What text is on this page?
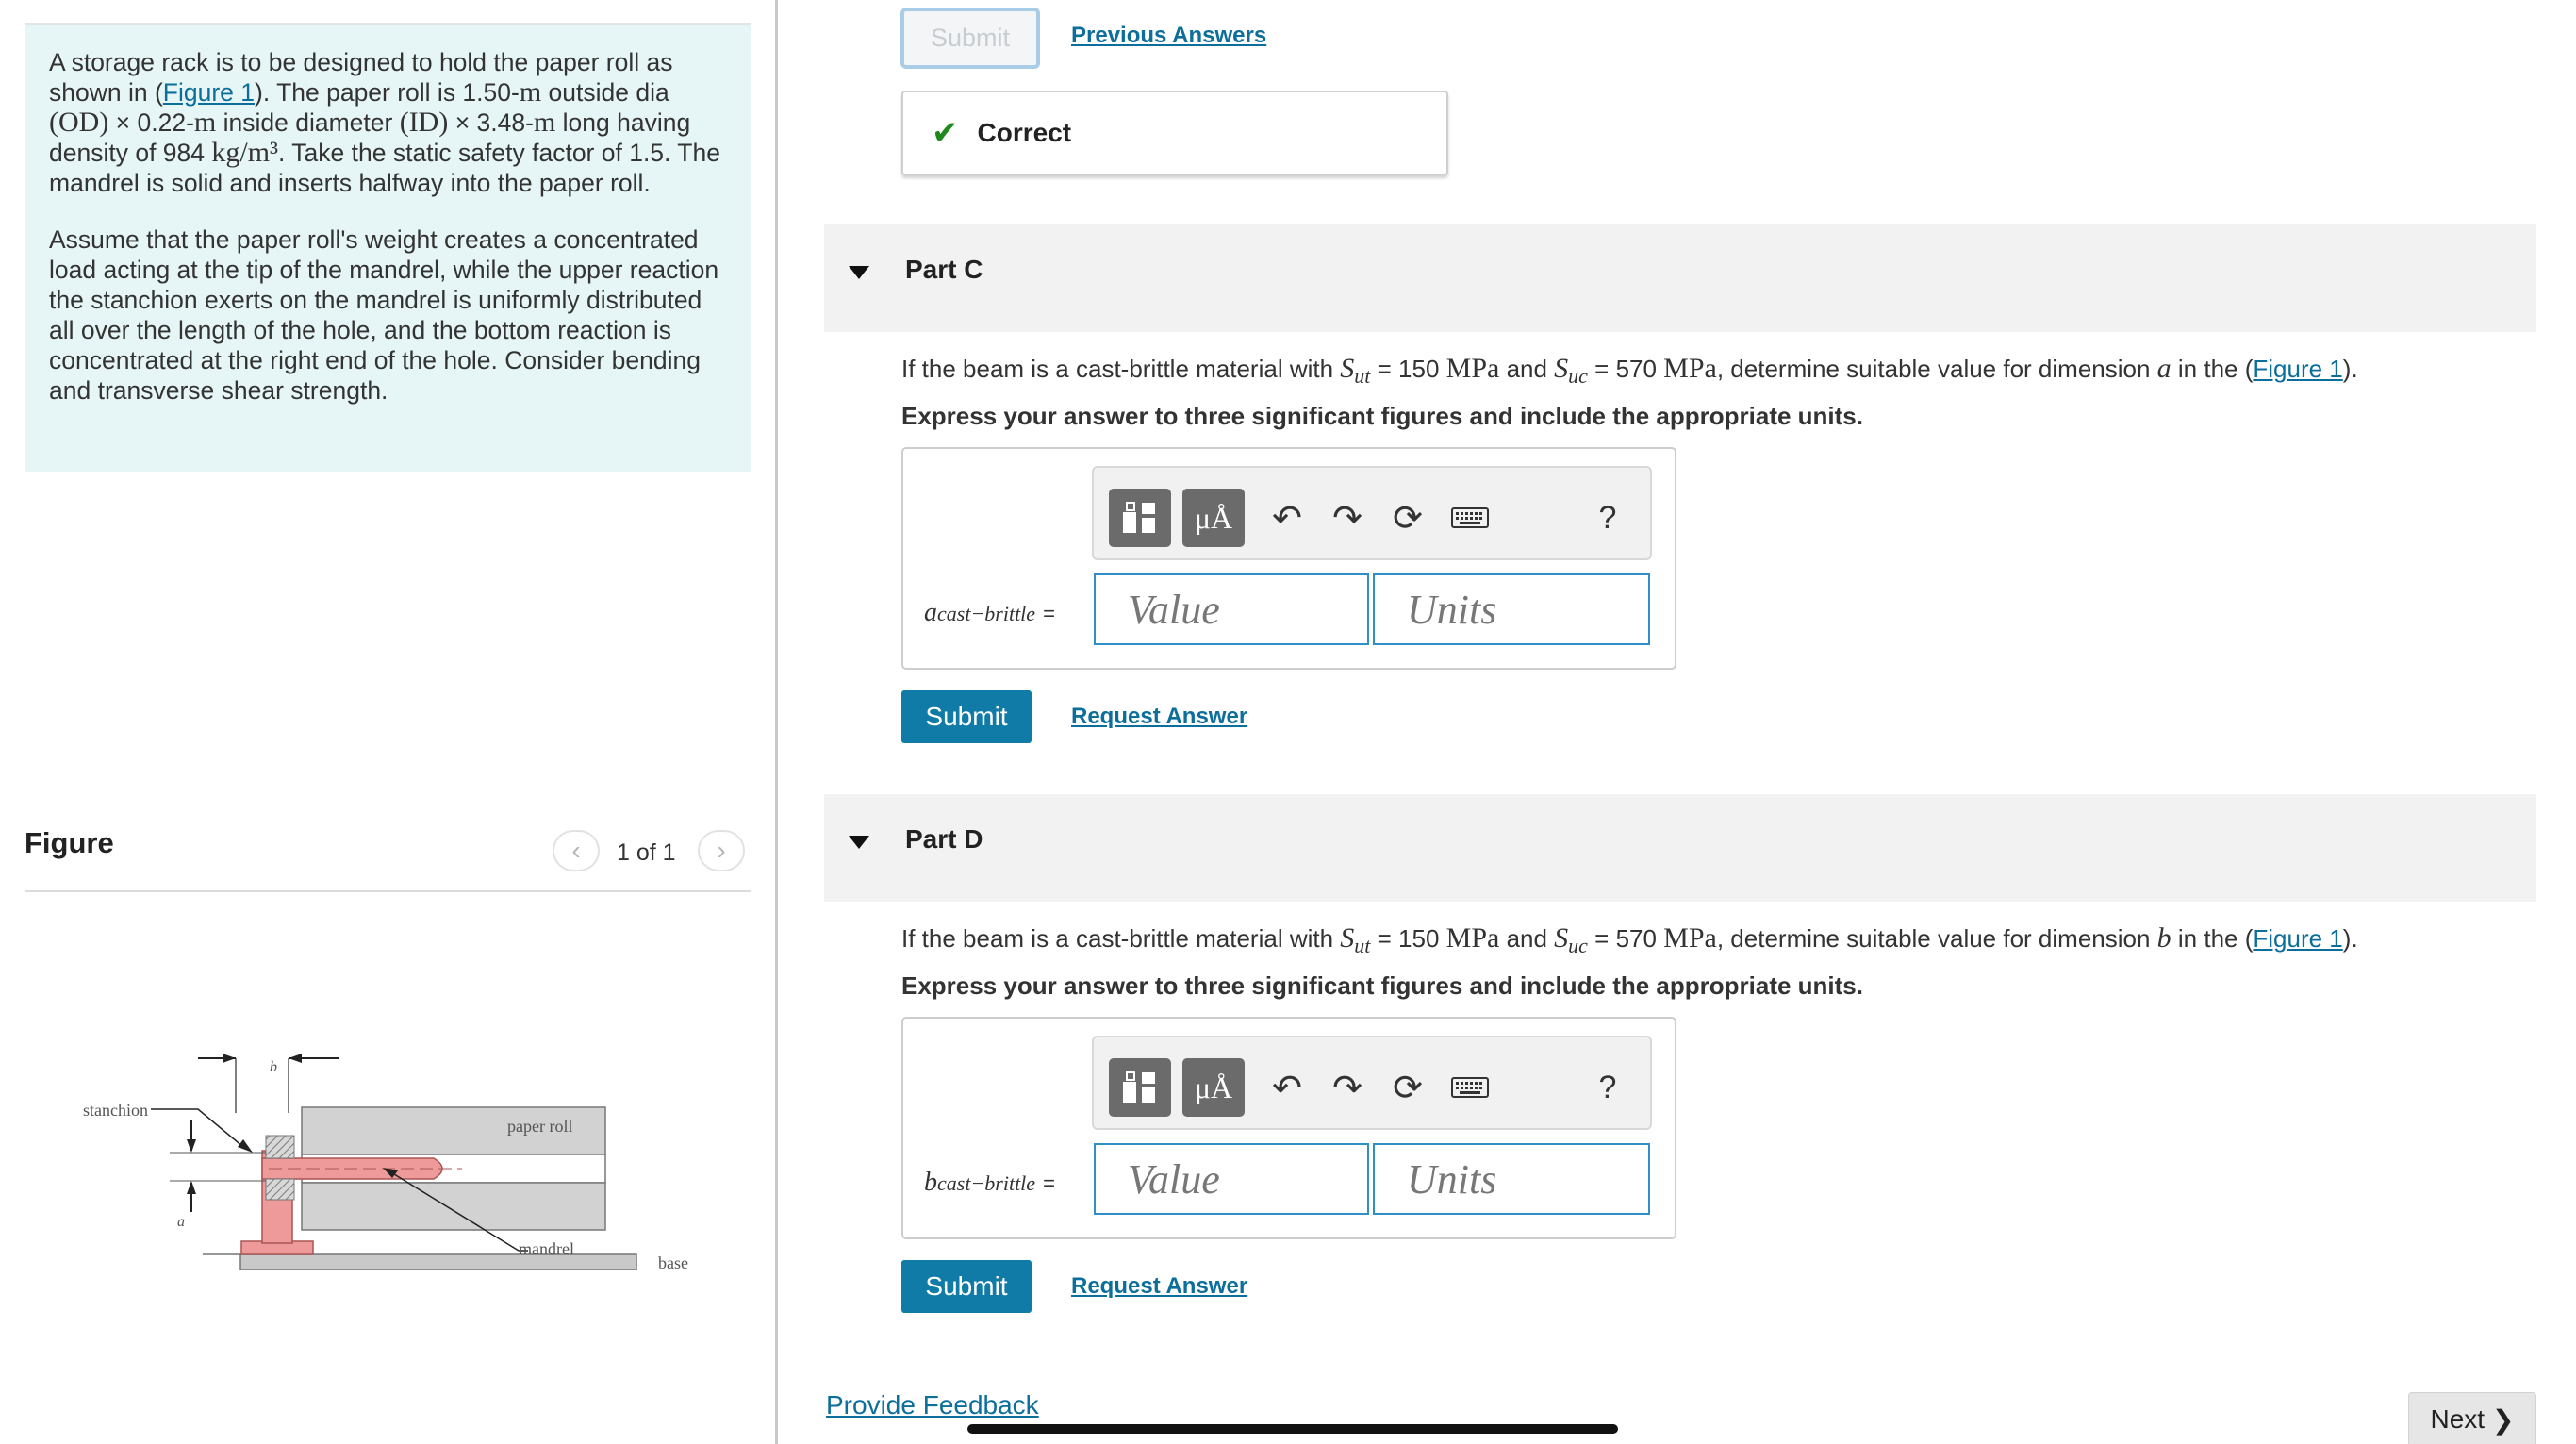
A storage rack is to be designed to hold the paper roll as shown in (Figure 1). The paper roll is 1.50-m outside dia
(OD) × 0.22-m inside diameter (ID) × 3.48-m long having density of 984 kg/m³. Take the static safety factor of 1.5. The mandrel is solid and inserts halfway into the paper roll.

Assume that the paper roll's weight creates a concentrated load acting at the tip of the mandrel, while the upper reaction the stanchion exerts on the mandrel is uniformly distributed all over the length of the hole, and the bottom reaction is concentrated at the right end of the hole. Consider bending and transverse shear strength.

Figure	‹ 1 of 1 ›
b
a
stanchion
paper roll
mandrel
base
Submit	Previous Answers
✔ Correct
Part C
If the beam is a cast-brittle material with $S_{ut} = 150$ MPa and $S_{uc} = 570$ MPa, determine suitable value for dimension a in the (Figure 1).
Express your answer to three significant figures and include the appropriate units.
μÅ	↶ ↷ ⟳	?
acast−brittle =	Value	Units
Submit	Request Answer
Part D
If the beam is a cast-brittle material with $S_{ut} = 150$ MPa and $S_{uc} = 570$ MPa, determine suitable value for dimension b in the (Figure 1).
Express your answer to three significant figures and include the appropriate units.
μÅ	↶ ↷ ⟳	?
bcast−brittle =	Value	Units
Submit	Request Answer
Provide Feedback	Next ❯
